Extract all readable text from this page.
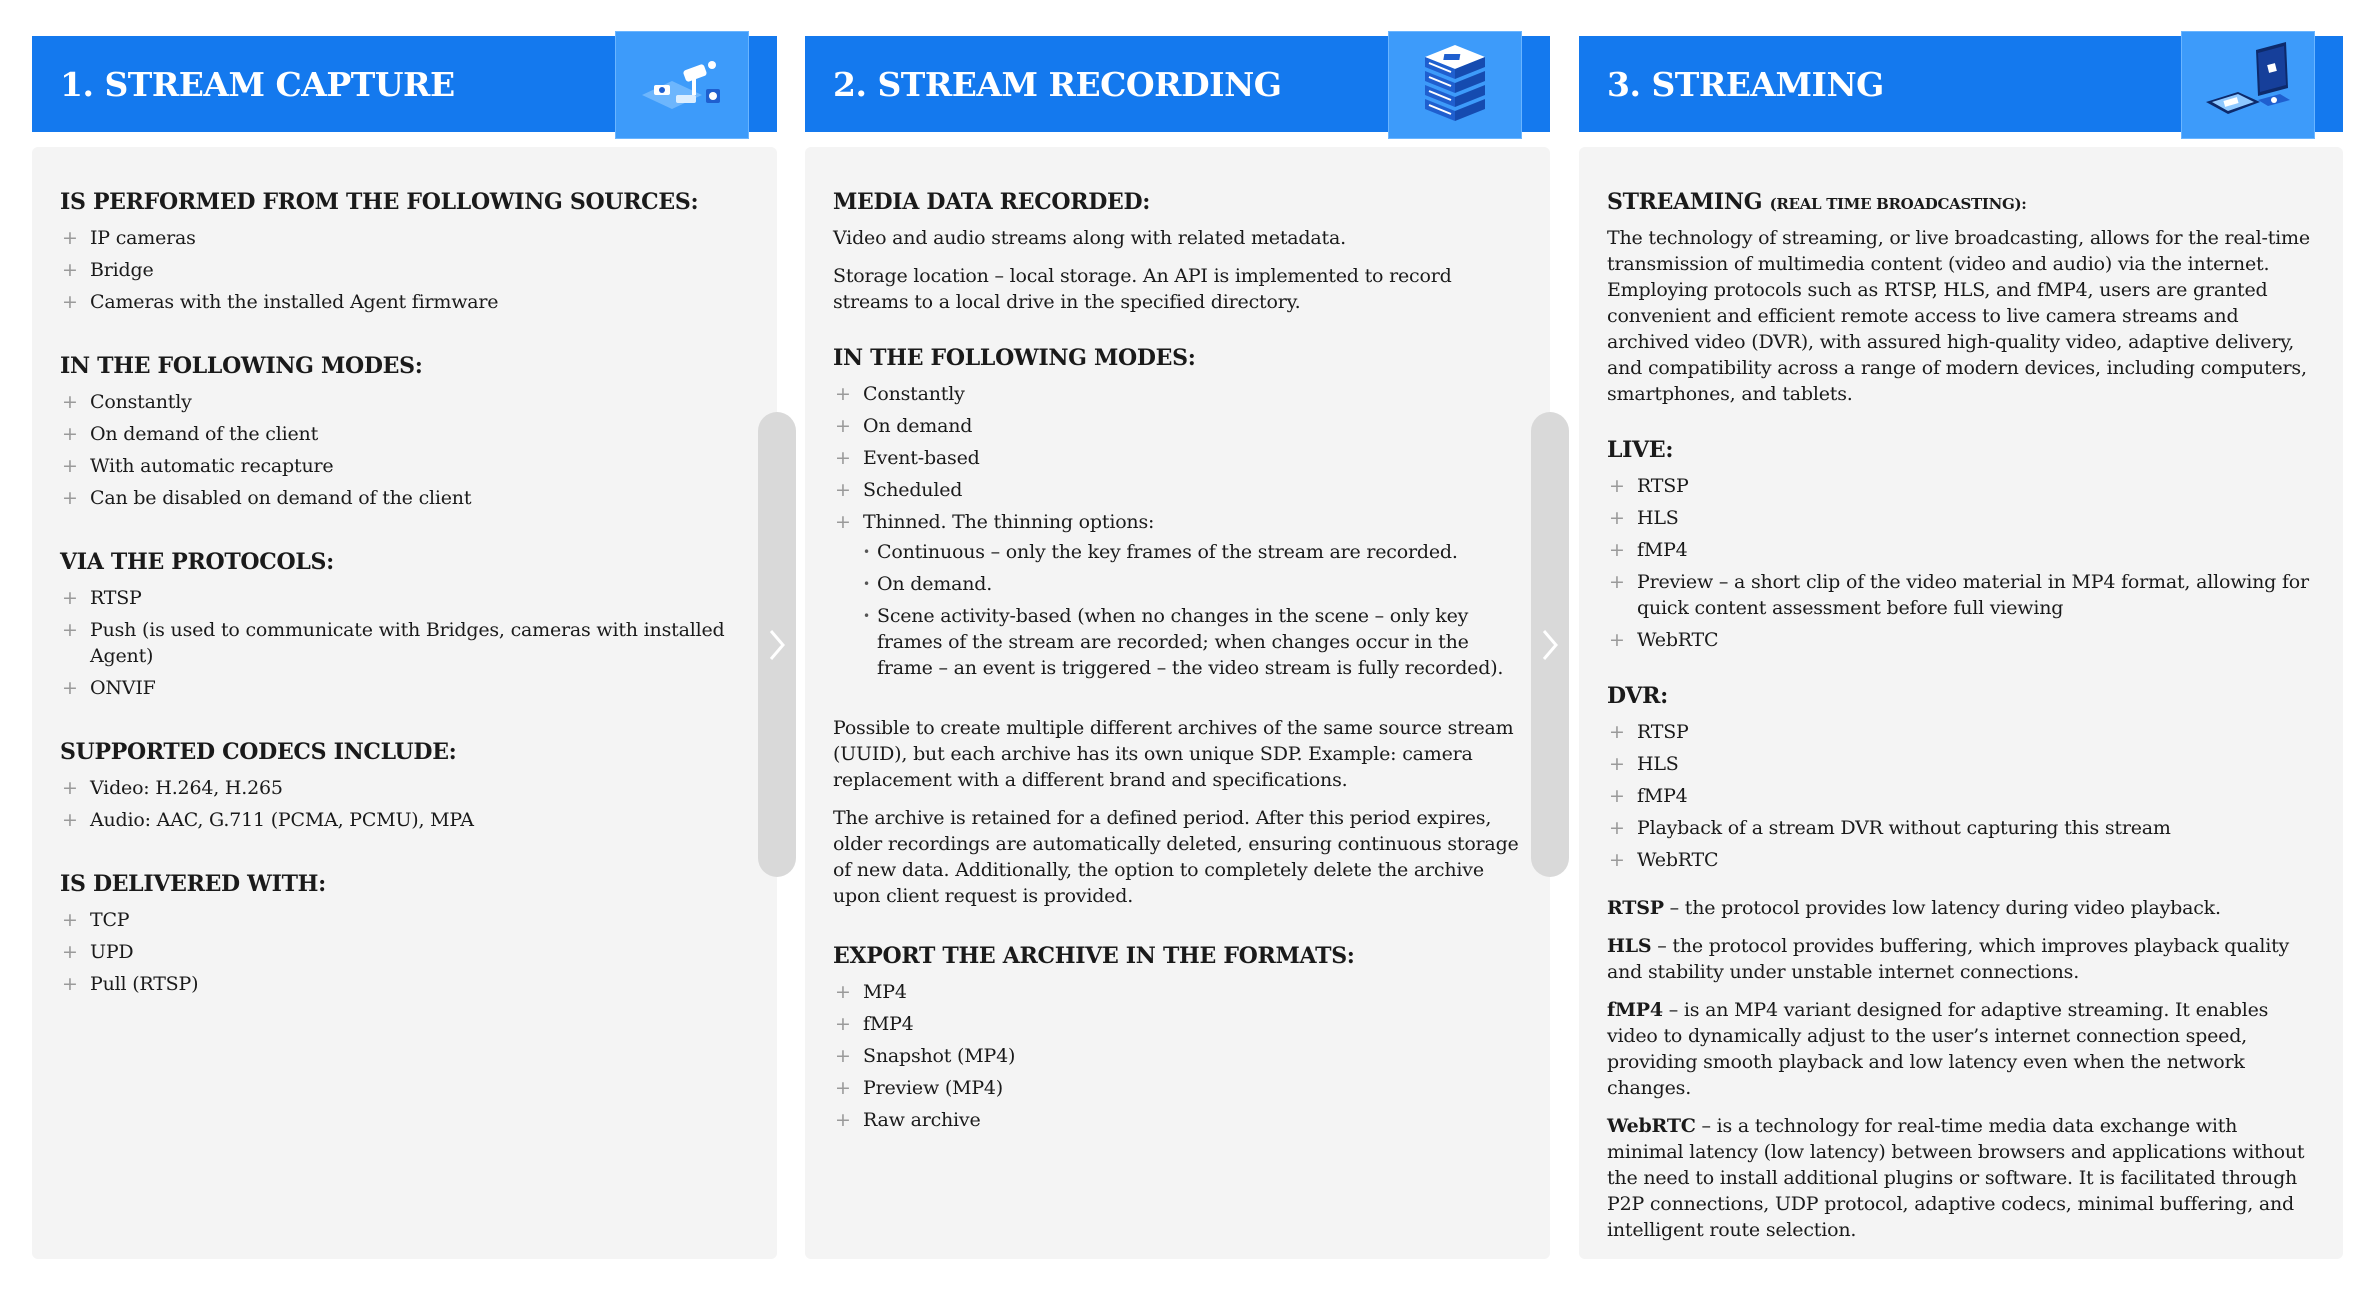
1. STREAM CAPTURE
IS PERFORMED FROM THE FOLLOWING SOURCES:
+ IP cameras
+ Bridge
+ Cameras with the installed Agent firmware
IN THE FOLLOWING MODES:
+ Constantly
+ On demand of the client
+ With automatic recapture
+ Can be disabled on demand of the client
VIA THE PROTOCOLS:
+ RTSP
+ Push (is used to communicate with Bridges, cameras with installed Agent)
+ ONVIF
SUPPORTED CODECS INCLUDE:
+ Video: H.264, H.265
+ Audio: AAC, G.711 (PCMA, PCMU), MPA
IS DELIVERED WITH:
+ TCP
+ UPD
+ Pull (RTSP)
2. STREAM RECORDING
MEDIA DATA RECORDED:

Video and audio streams along with related metadata.

Storage location – local storage. An API is implemented to record streams to a local drive in the specified directory.

IN THE FOLLOWING MODES:
+ Constantly
+ On demand
+ Event-based
+ Scheduled
+ Thinned. The thinning options:
• Continuous – only the key frames of the stream are recorded.
• On demand.
• Scene activity-based (when no changes in the scene – only key frames of the stream are recorded; when changes occur in the frame – an event is triggered – the video stream is fully recorded).

Possible to create multiple different archives of the same source stream (UUID), but each archive has its own unique SDP. Example: camera replacement with a different brand and specifications.

The archive is retained for a defined period. After this period expires, older recordings are automatically deleted, ensuring continuous storage of new data. Additionally, the option to completely delete the archive upon client request is provided.

EXPORT THE ARCHIVE IN THE FORMATS:
+ MP4
+ fMP4
+ Snapshot (MP4)
+ Preview (MP4)
+ Raw archive
3. STREAMING
STREAMING (REAL TIME BROADCASTING):

The technology of streaming, or live broadcasting, allows for the real-time transmission of multimedia content (video and audio) via the internet. Employing protocols such as RTSP, HLS, and fMP4, users are granted convenient and efficient remote access to live camera streams and archived video (DVR), with assured high-quality video, adaptive delivery, and compatibility across a range of modern devices, including computers, smartphones, and tablets.

LIVE:
+ RTSP
+ HLS
+ fMP4
+ Preview – a short clip of the video material in MP4 format, allowing for quick content assessment before full viewing
+ WebRTC
DVR:
+ RTSP
+ HLS
+ fMP4
+ Playback of a stream DVR without capturing this stream
+ WebRTC

RTSP – the protocol provides low latency during video playback.

HLS – the protocol provides buffering, which improves playback quality and stability under unstable internet connections.

fMP4 – is an MP4 variant designed for adaptive streaming. It enables video to dynamically adjust to the user’s internet connection speed, providing smooth playback and low latency even when the network changes.

WebRTC – is a technology for real-time media data exchange with minimal latency (low latency) between browsers and applications without the need to install additional plugins or software. It is facilitated through P2P connections, UDP protocol, adaptive codecs, minimal buffering, and intelligent route selection.
